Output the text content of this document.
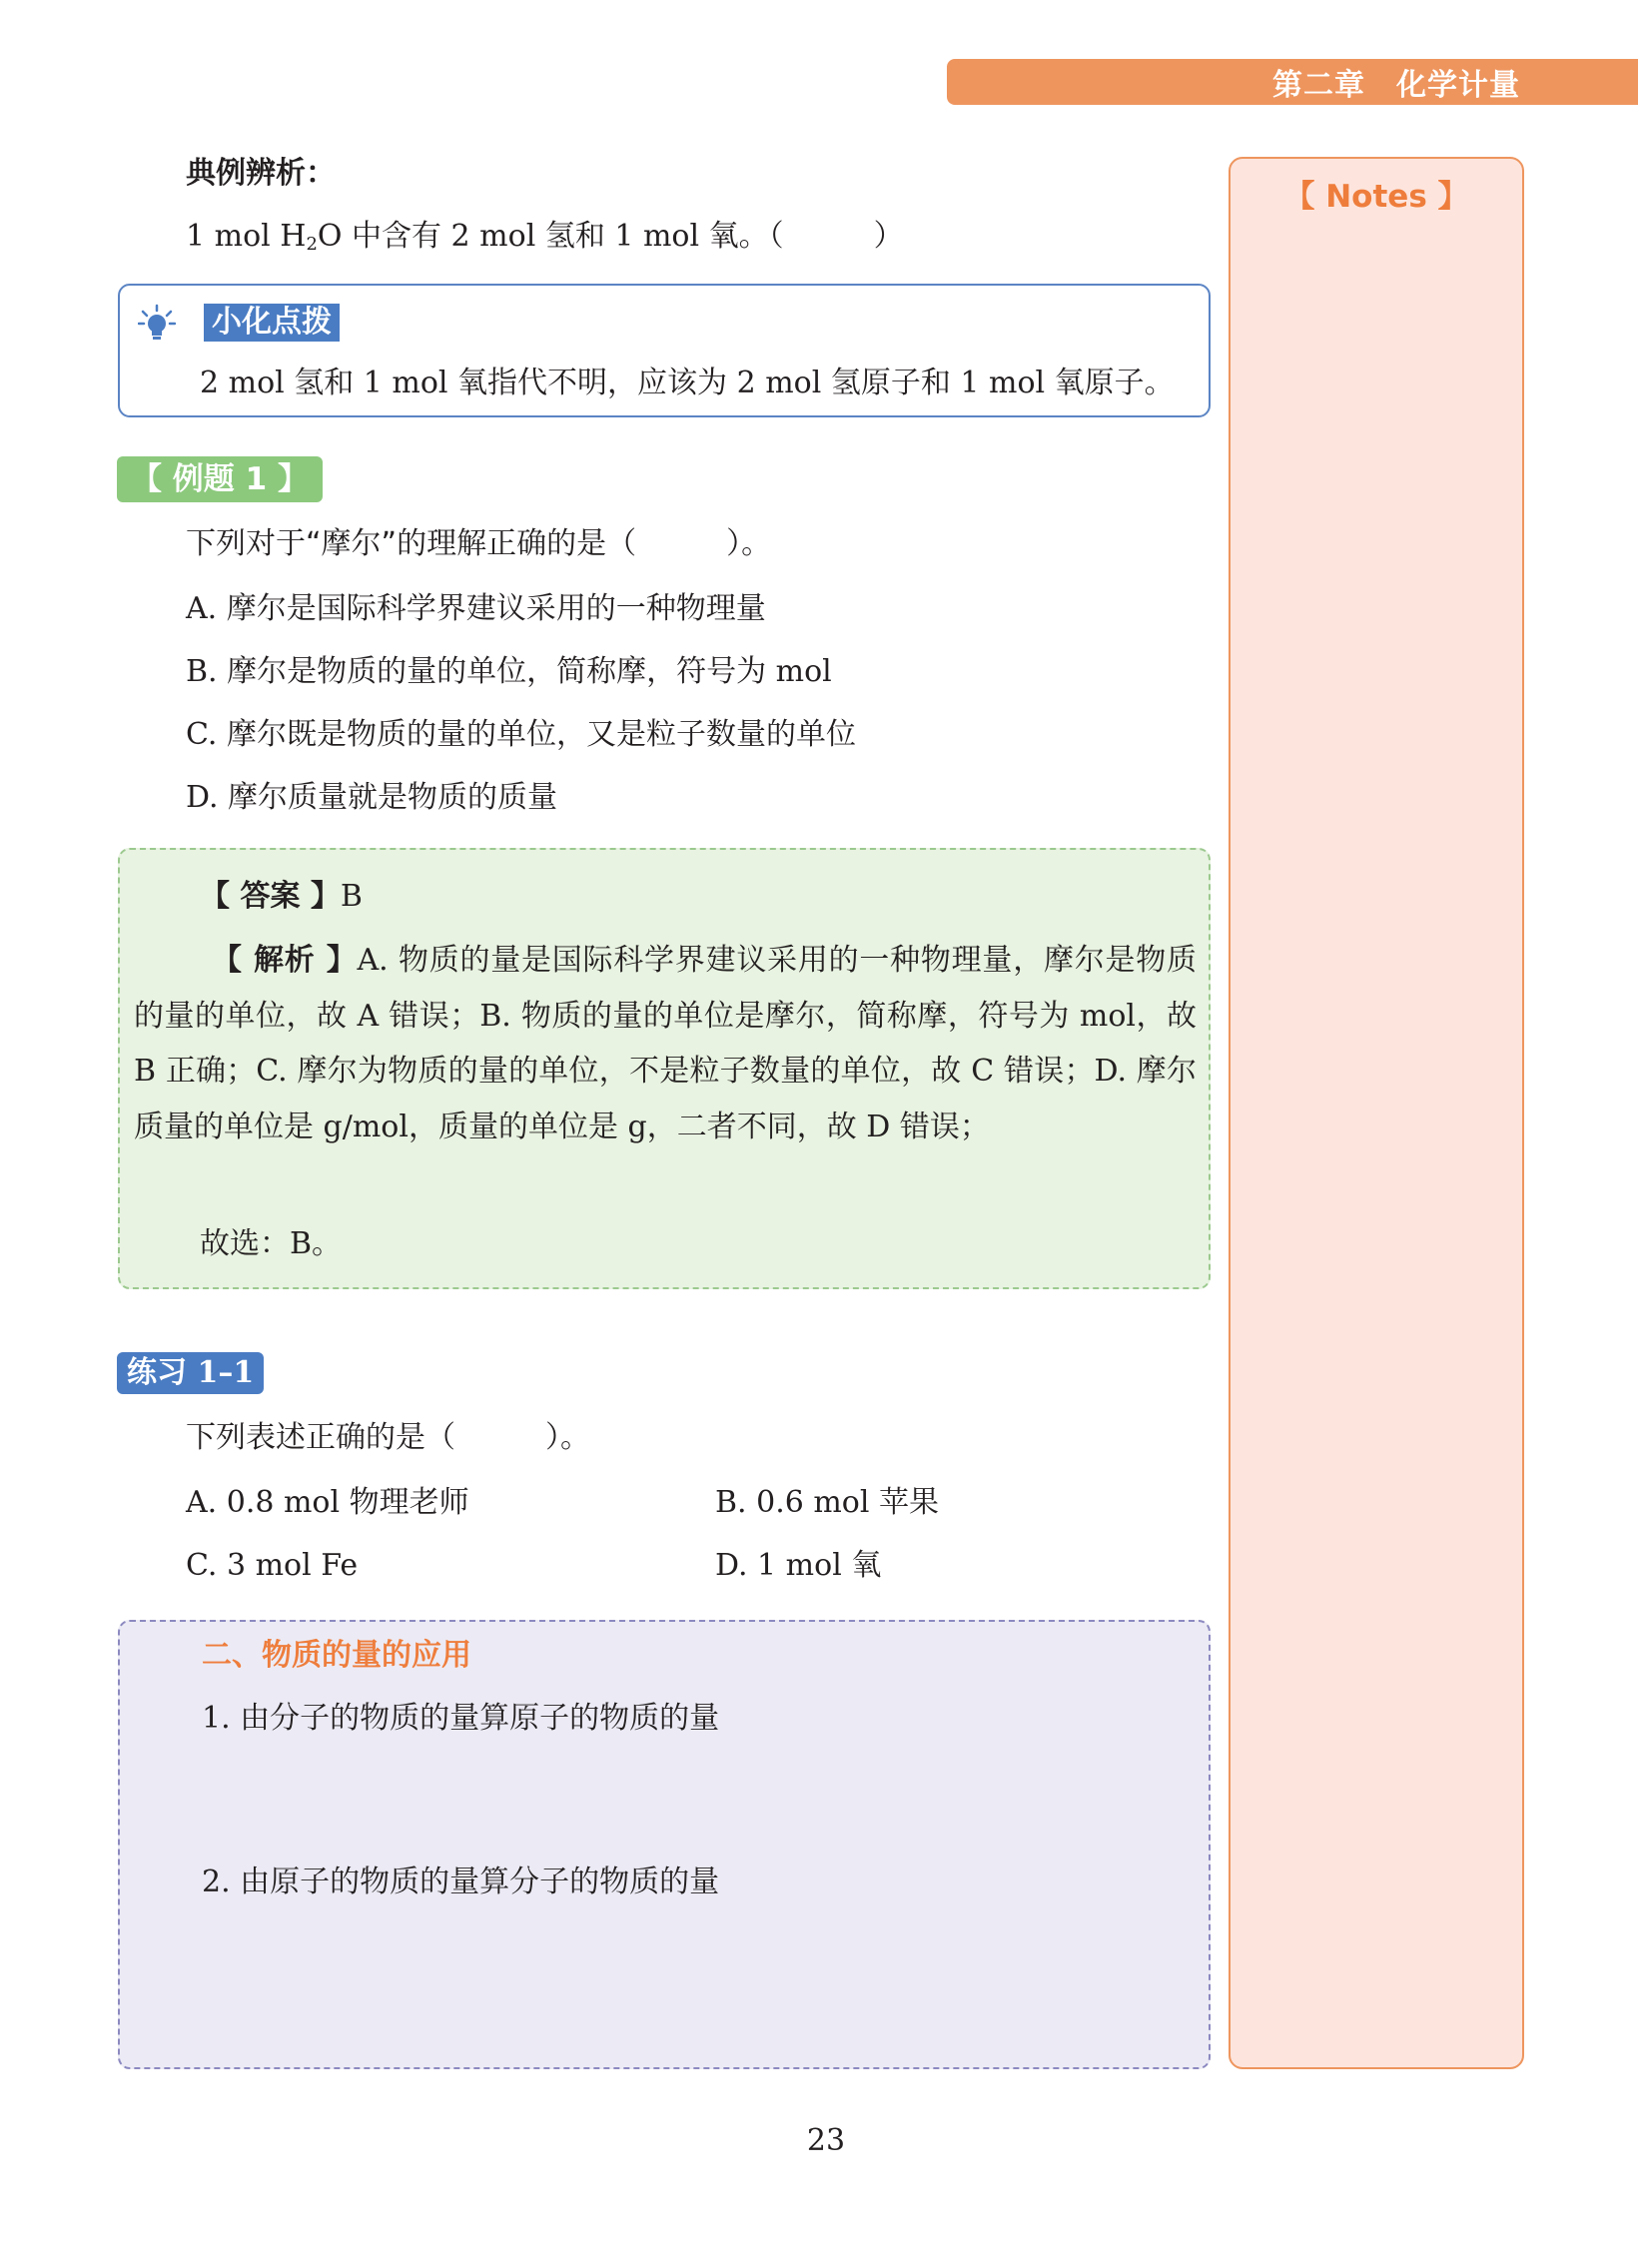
第二章　化学计量
【 Notes 】
典例辨析：
1 mol $H_2O$ 中含有 2 mol 氢和 1 mol 氧。（　　　）
小化点拨
2 mol 氢和 1 mol 氧指代不明，应该为 2 mol 氢原子和 1 mol 氧原子。
【 例题 1 】
下列对于“摩尔”的理解正确的是（　　　）。
A. 摩尔是国际科学界建议采用的一种物理量
B. 摩尔是物质的量的单位，简称摩，符号为 mol
C. 摩尔既是物质的量的单位，又是粒子数量的单位
D. 摩尔质量就是物质的质量
【 答案 】B
【 解析 】A. 物质的量是国际科学界建议采用的一种物理量，摩尔是物质的量的单位，故 A 错误；B. 物质的量的单位是摩尔，简称摩，符号为 mol，故 B 正确；C. 摩尔为物质的量的单位，不是粒子数量的单位，故 C 错误；D. 摩尔质量的单位是 g/mol，质量的单位是 g，二者不同，故 D 错误；
故选：B。
练习 1–1
下列表述正确的是（　　　）。
A. 0.8 mol 物理老师	B. 0.6 mol 苹果
C. 3 mol Fe	D. 1 mol 氧
二、物质的量的应用
1. 由分子的物质的量算原子的物质的量
2. 由原子的物质的量算分子的物质的量
23
